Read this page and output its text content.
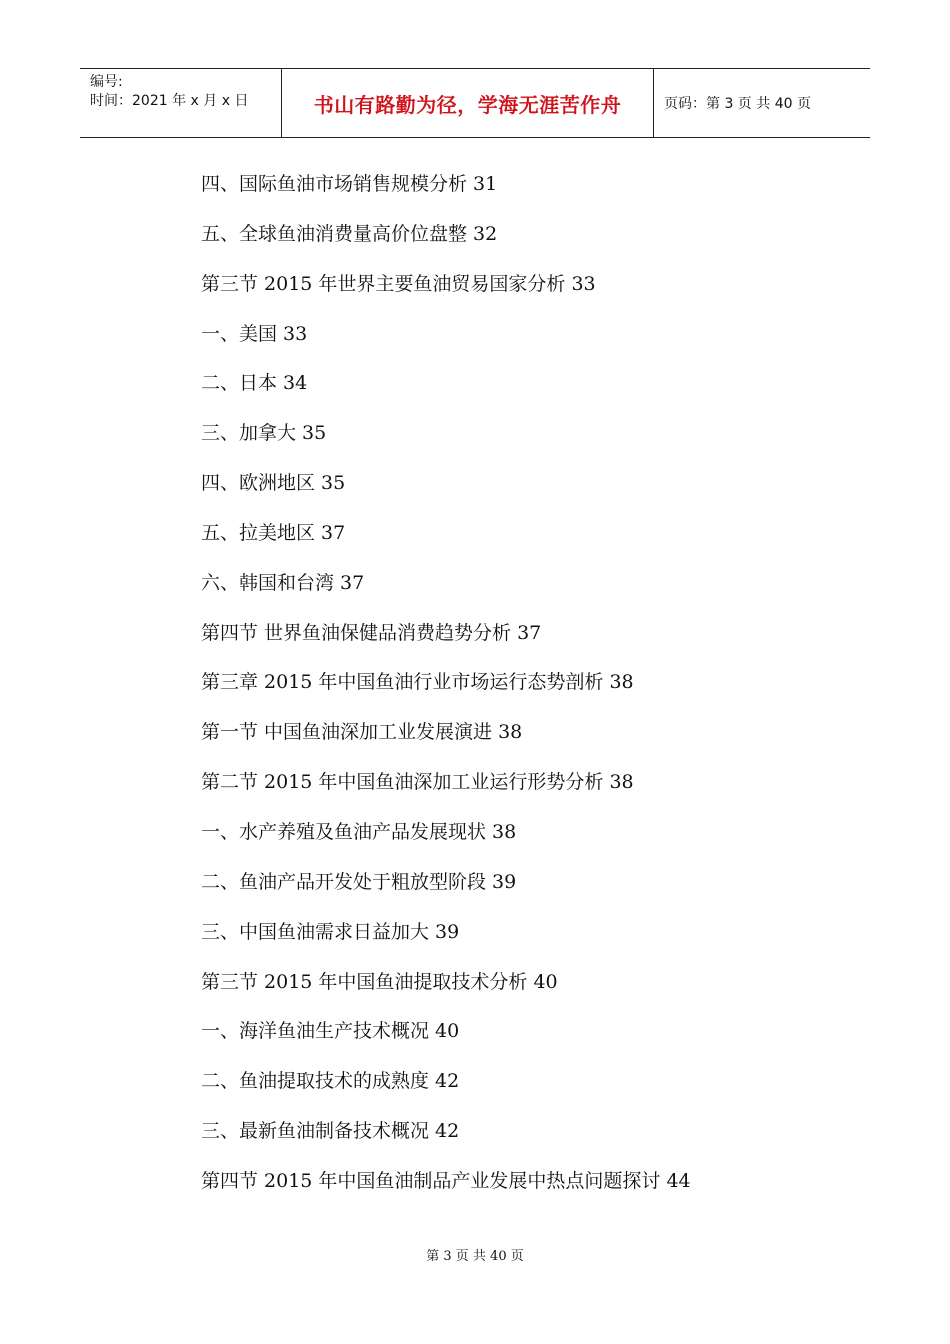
编号:
时间：2021 年 x 月 x 日	书山有路勤为径，学海无涯苦作舟	页码：第 3 页 共 40 页
四、国际鱼油市场销售规模分析 31
五、全球鱼油消费量高价位盘整 32
第三节 2015 年世界主要鱼油贸易国家分析 33
一、美国 33
二、日本 34
三、加拿大 35
四、欧洲地区 35
五、拉美地区 37
六、韩国和台湾 37
第四节 世界鱼油保健品消费趋势分析 37
第三章 2015 年中国鱼油行业市场运行态势剖析 38
第一节 中国鱼油深加工业发展演进 38
第二节 2015 年中国鱼油深加工业运行形势分析 38
一、水产养殖及鱼油产品发展现状 38
二、鱼油产品开发处于粗放型阶段 39
三、中国鱼油需求日益加大 39
第三节 2015 年中国鱼油提取技术分析 40
一、海洋鱼油生产技术概况 40
二、鱼油提取技术的成熟度 42
三、最新鱼油制备技术概况 42
第四节 2015 年中国鱼油制品产业发展中热点问题探讨 44
第 3 页 共 40 页
